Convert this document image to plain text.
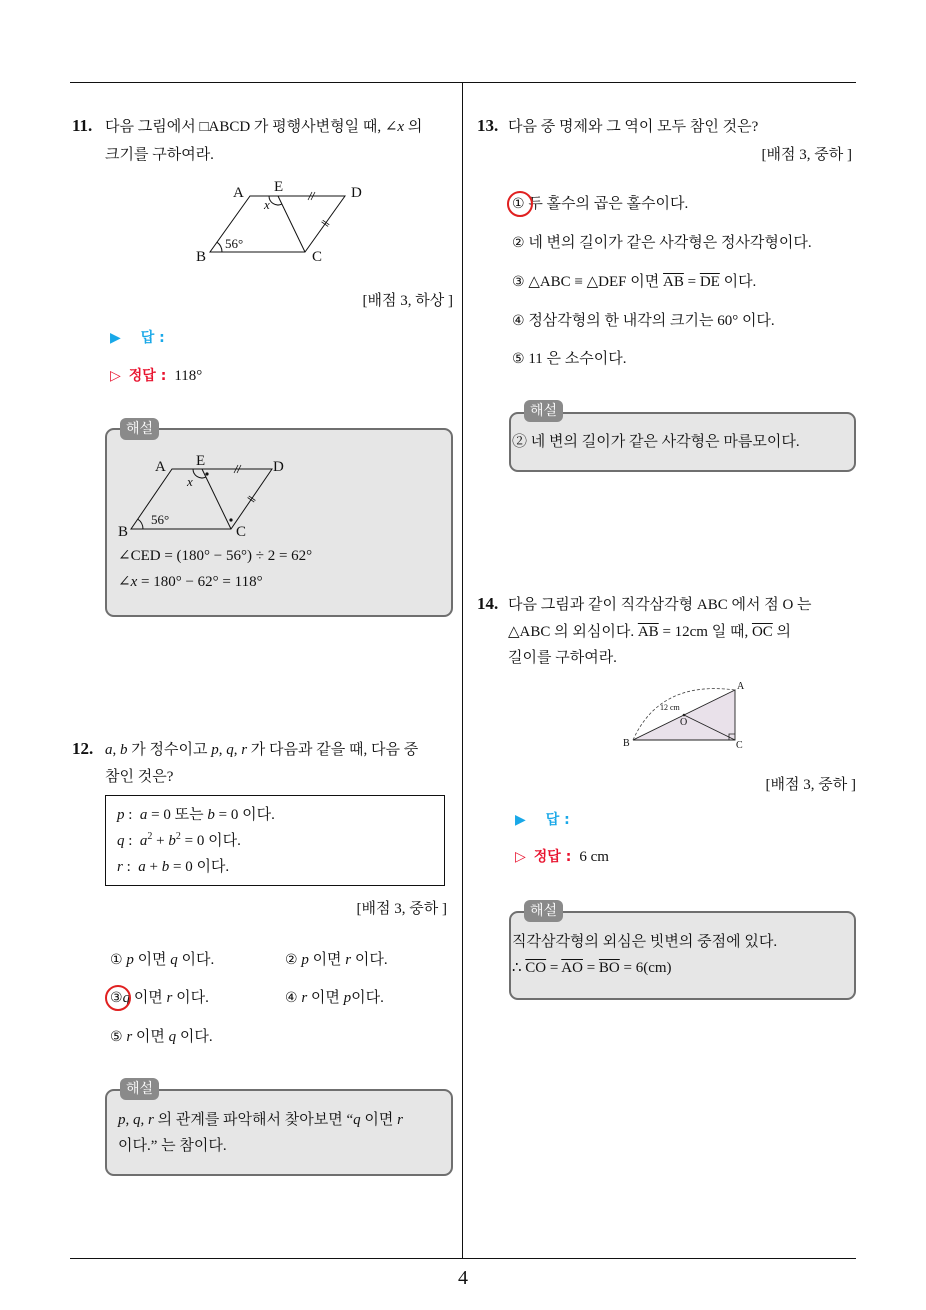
11. 다음 그림에서 □ABCD 가 평행사변형일 때, ∠x 의
크기를 구하여라.
A E	D
B	C
56°
x
[배점 3, 하상 ]
▶ 답 :
▷ 정답 : 118°
해설
A E	D
B	C
56°
x
∠CED = (180° − 56°) ÷ 2 = 62°
∠x = 180° − 62° = 118°
12. a, b 가 정수이고 p, q, r 가 다음과 같을 때, 다음 중
참인 것은?
p :  a = 0 또는 b = 0 이다.
q :  $a^2 + b^2 = 0$ 이다.
r :  a + b = 0 이다.
[배점 3, 중하 ]
① p 이면 q 이다.	② p 이면 r 이다.
③q 이면 r 이다.	④ r 이면 p이다.
⑤ r 이면 q 이다.
해설
p, q, r 의 관계를 파악해서 찾아보면 “q 이면 r
이다.” 는 참이다.
13. 다음 중 명제와 그 역이 모두 참인 것은?
[배점 3, 중하 ]
① 두 홀수의 곱은 홀수이다.
② 네 변의 길이가 같은 사각형은 정사각형이다.
③ △ABC ≡ △DEF 이면 $\overline{AB} = \overline{DE}$ 이다.
④ 정삼각형의 한 내각의 크기는 60° 이다.
⑤ 11 은 소수이다.
해설
② 네 변의 길이가 같은 사각형은 마름모이다.
14. 다음 그림과 같이 직각삼각형 ABC 에서 점 O 는
△ABC 의 외심이다. $\overline{AB} = 12cm$ 일 때, $\overline{OC}$ 의
길이를 구하여라.
A
O
B	C
12 cm
[배점 3, 중하 ]
▶ 답 :
▷ 정답 : 6 cm
해설
직각삼각형의 외심은 빗변의 중점에 있다.
∴ $\overline{CO} = \overline{AO} = \overline{BO} = 6(cm)$
4
